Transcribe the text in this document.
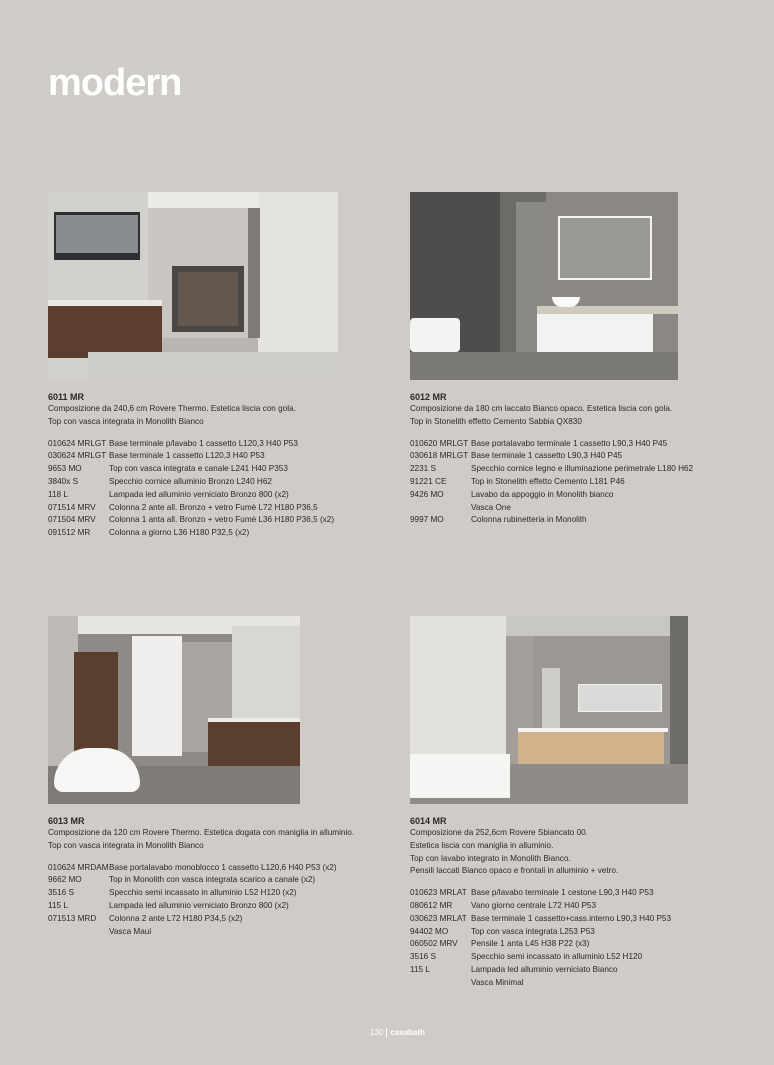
modern
6011 MR
Composizione da 240,6 cm Rovere Thermo. Estetica liscia con gola.
Top con vasca integrata in Monolith Bianco
010624 MRLGT Base terminale p/lavabo 1 cassetto L120,3 H40 P53
030624 MRLGT Base terminale 1 cassetto L120,3 H40 P53
9653 MO	Top con vasca integrata e canale L241 H40 P353
3840x S	Specchio cornice alluminio Bronzo L240 H62
118 L	Lampada led alluminio verniciato Bronzo 800 (x2)
071514 MRV	Colonna 2 ante all. Bronzo + vetro Fumè L72 H180 P36,5
071504 MRV	Colonna 1 anta all. Bronzo + vetro Fumè L36 H180 P36,5 (x2)
091512 MR	Colonna a giorno L36 H180 P32,5 (x2)
6012 MR
Composizione da 180 cm laccato Bianco opaco. Estetica liscia con gola.
Top in Stonelith effetto Cemento Sabbia QX830
010620 MRLGT Base portalavabo terminale 1 cassetto L90,3 H40 P45
030618 MRLGT Base terminale 1 cassetto L90,3 H40 P45
2231 S	Specchio cornice legno e illuminazione perimetrale L180 H62
91221 CE	Top in Stonelith effetto Cemento L181 P46
9426 MO	Lavabo da appoggio in Monolith bianco
Vasca One
9997 MO	Colonna rubinetteria in Monolith
6013 MR
Composizione da 120 cm Rovere Thermo. Estetica dogata con maniglia in alluminio.
Top con vasca integrata in Monolith Bianco
010624 MRDAM Base portalavabo monoblocco 1 cassetto L120,6 H40 P53 (x2)
9662 MO	Top in Monolith con vasca integrata scarico a canale (x2)
3516 S	Specchio semi incassato in alluminio L52 H120 (x2)
115 L	Lampada led alluminio verniciato Bronzo 800 (x2)
071513 MRD	Colonna 2 ante L72 H180 P34,5 (x2)
Vasca Maui
6014 MR
Composizione da 252,6cm Rovere Sbiancato 00.
Estetica liscia con maniglia in alluminio.
Top con lavabo integrato in Monolith Bianco.
Pensili laccati Bianco opaco e frontali in alluminio + vetro.
010623 MRLAT Base p/lavabo terminale 1 cestone L90,3 H40 P53
080612 MR	Vano giorno centrale L72 H40 P53
030623 MRLAT Base terminale 1 cassetto+cass.interno L90,3 H40 P53
94402 MO	Top con vasca integrata L253 P53
060502 MRV	Pensile 1 anta L45 H38 P22 (x3)
3516 S	Specchio semi incassato in alluminio L52 H120
115 L	Lampada led alluminio verniciato Bianco
Vasca Minimal
130 casabath
